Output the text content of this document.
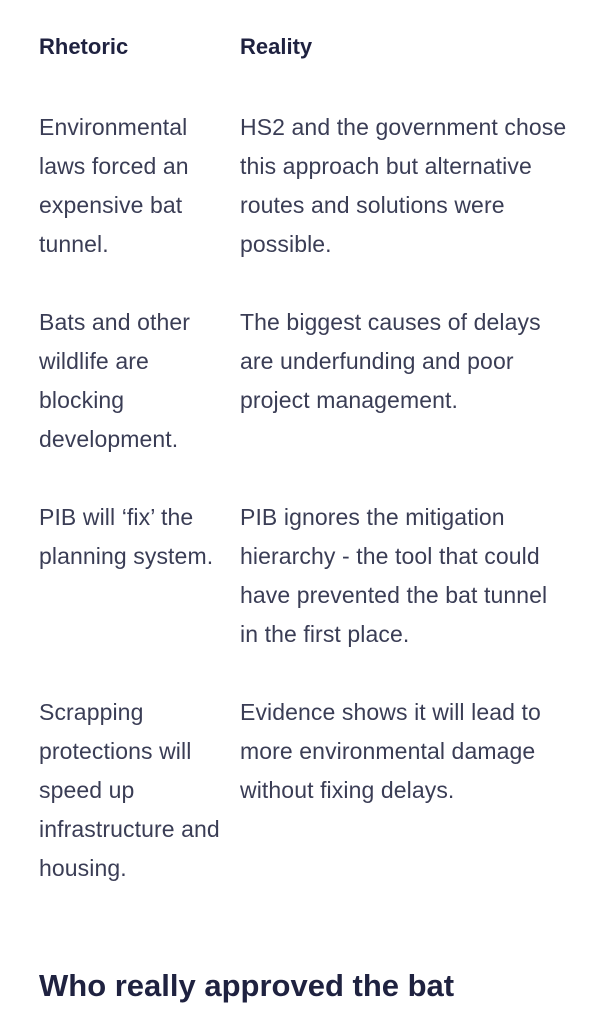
Rhetoric	Reality
Environmental laws forced an expensive bat tunnel.
HS2 and the government chose this approach but alternative routes and solutions were possible.
Bats and other wildlife are blocking development.
The biggest causes of delays are underfunding and poor project management.
PIB will ‘fix’ the planning system.
PIB ignores the mitigation hierarchy - the tool that could have prevented the bat tunnel in the first place.
Scrapping protections will speed up infrastructure and housing.
Evidence shows it will lead to more environmental damage without fixing delays.
Who really approved the bat
